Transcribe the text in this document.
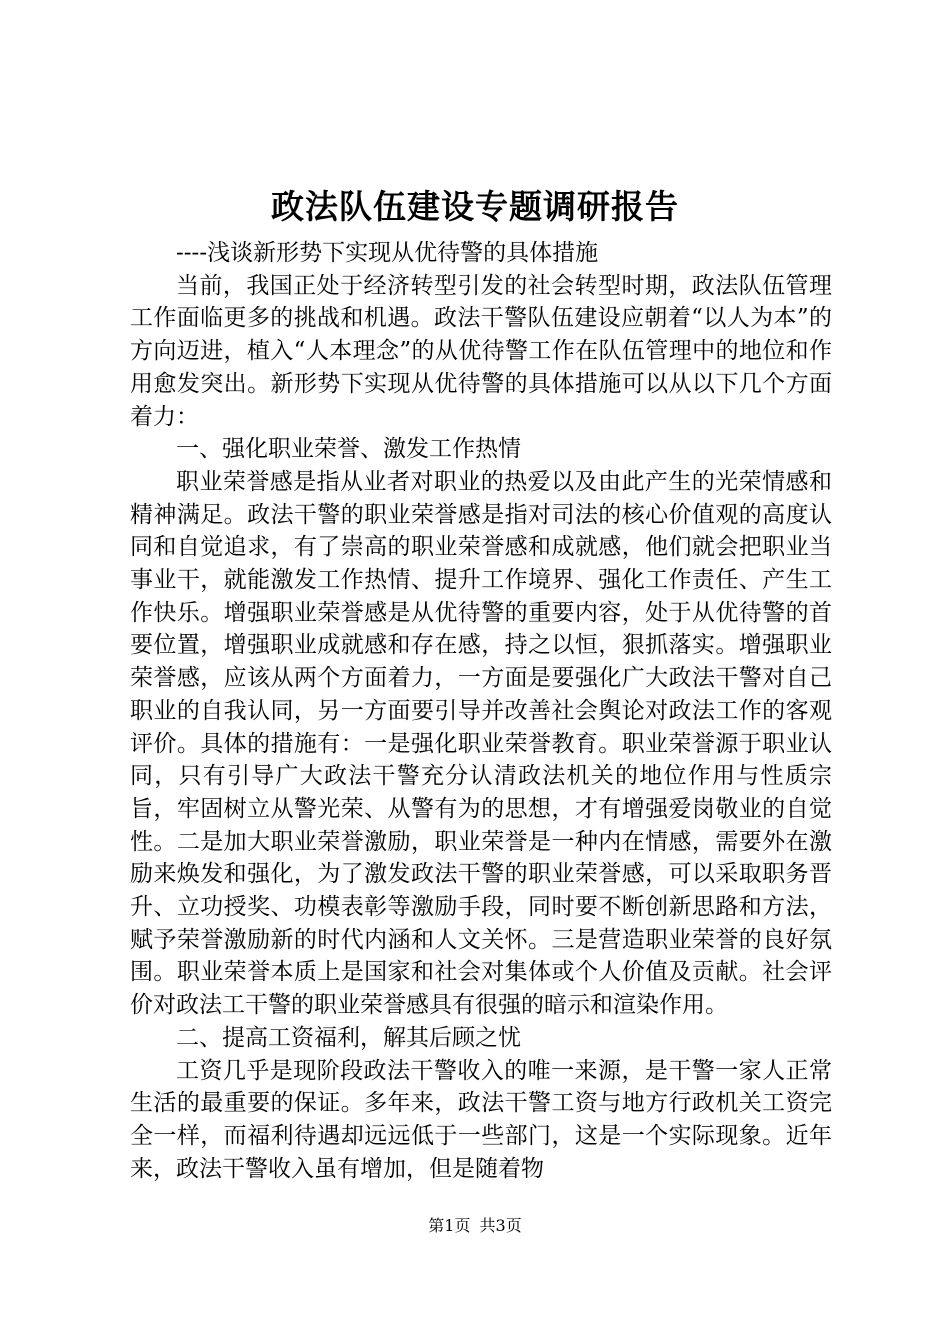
政法队伍建设专题调研报告

----浅谈新形势下实现从优待警的具体措施

当前，我国正处于经济转型引发的社会转型时期，政法队伍管理工作面临更多的挑战和机遇。政法干警队伍建设应朝着“以人为本”的方向迈进，植入“人本理念”的从优待警工作在队伍管理中的地位和作用愈发突出。新形势下实现从优待警的具体措施可以从以下几个方面着力：

一、强化职业荣誉、激发工作热情

职业荣誉感是指从业者对职业的热爱以及由此产生的光荣情感和精神满足。政法干警的职业荣誉感是指对司法的核心价值观的高度认同和自觉追求，有了崇高的职业荣誉感和成就感，他们就会把职业当事业干，就能激发工作热情、提升工作境界、强化工作责任、产生工作快乐。增强职业荣誉感是从优待警的重要内容，处于从优待警的首要位置，增强职业成就感和存在感，持之以恒，狠抓落实。增强职业荣誉感，应该从两个方面着力，一方面是要强化广大政法干警对自己职业的自我认同，另一方面要引导并改善社会舆论对政法工作的客观评价。具体的措施有：一是强化职业荣誉教育。职业荣誉源于职业认同，只有引导广大政法干警充分认清政法机关的地位作用与性质宗旨，牢固树立从警光荣、从警有为的思想，才有增强爱岗敬业的自觉性。二是加大职业荣誉激励，职业荣誉是一种内在情感，需要外在激励来焕发和强化，为了激发政法干警的职业荣誉感，可以采取职务晋升、立功授奖、功模表彰等激励手段，同时要不断创新思路和方法，赋予荣誉激励新的时代内涵和人文关怀。三是营造职业荣誉的良好氛围。职业荣誉本质上是国家和社会对集体或个人价值及贡献。社会评价对政法工干警的职业荣誉感具有很强的暗示和渲染作用。

二、提高工资福利，解其后顾之忧

工资几乎是现阶段政法干警收入的唯一来源，是干警一家人正常生活的最重要的保证。多年来，政法干警工资与地方行政机关工资完全一样，而福利待遇却远远低于一些部门，这是一个实际现象。近年来，政法干警收入虽有增加，但是随着物

第1页 共3页
